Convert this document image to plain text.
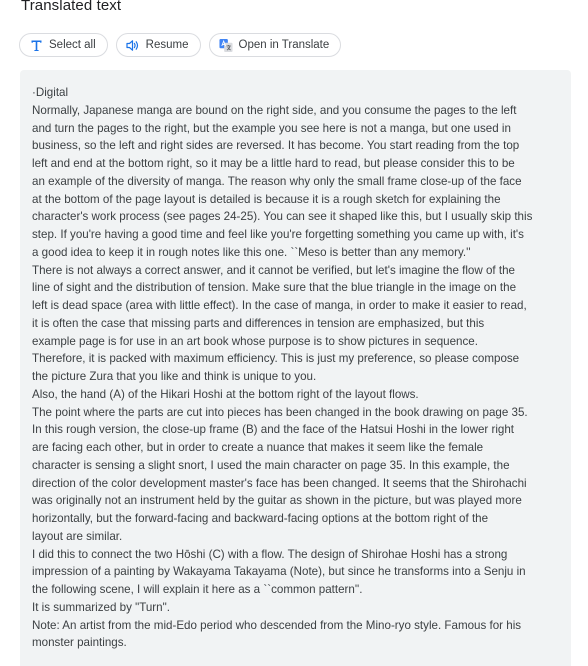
Translated text
Select all	Resume	Open in Translate
·Digital
Normally, Japanese manga are bound on the right side, and you consume the pages to the left
and turn the pages to the right, but the example you see here is not a manga, but one used in
business, so the left and right sides are reversed. It has become. You start reading from the top
left and end at the bottom right, so it may be a little hard to read, but please consider this to be
an example of the diversity of manga. The reason why only the small frame close-up of the face
at the bottom of the page layout is detailed is because it is a rough sketch for explaining the
character's work process (see pages 24-25). You can see it shaped like this, but I usually skip this
step. If you're having a good time and feel like you're forgetting something you came up with, it's
a good idea to keep it in rough notes like this one. ``Meso is better than any memory.''
There is not always a correct answer, and it cannot be verified, but let's imagine the flow of the
line of sight and the distribution of tension. Make sure that the blue triangle in the image on the
left is dead space (area with little effect). In the case of manga, in order to make it easier to read,
it is often the case that missing parts and differences in tension are emphasized, but this
example page is for use in an art book whose purpose is to show pictures in sequence.
Therefore, it is packed with maximum efficiency. This is just my preference, so please compose
the picture Zura that you like and think is unique to you.
Also, the hand (A) of the Hikari Hoshi at the bottom right of the layout flows.
The point where the parts are cut into pieces has been changed in the book drawing on page 35.
In this rough version, the close-up frame (B) and the face of the Hatsui Hoshi in the lower right
are facing each other, but in order to create a nuance that makes it seem like the female
character is sensing a slight snort, I used the main character on page 35. In this example, the
direction of the color development master's face has been changed. It seems that the Shirohachi
was originally not an instrument held by the guitar as shown in the picture, but was played more
horizontally, but the forward-facing and backward-facing options at the bottom right of the
layout are similar.
I did this to connect the two Hōshi (C) with a flow. The design of Shirohae Hoshi has a strong
impression of a painting by Wakayama Takayama (Note), but since he transforms into a Senju in
the following scene, I will explain it here as a ``common pattern''.
It is summarized by "Turn".
Note: An artist from the mid-Edo period who descended from the Mino-ryo style. Famous for his
monster paintings.
